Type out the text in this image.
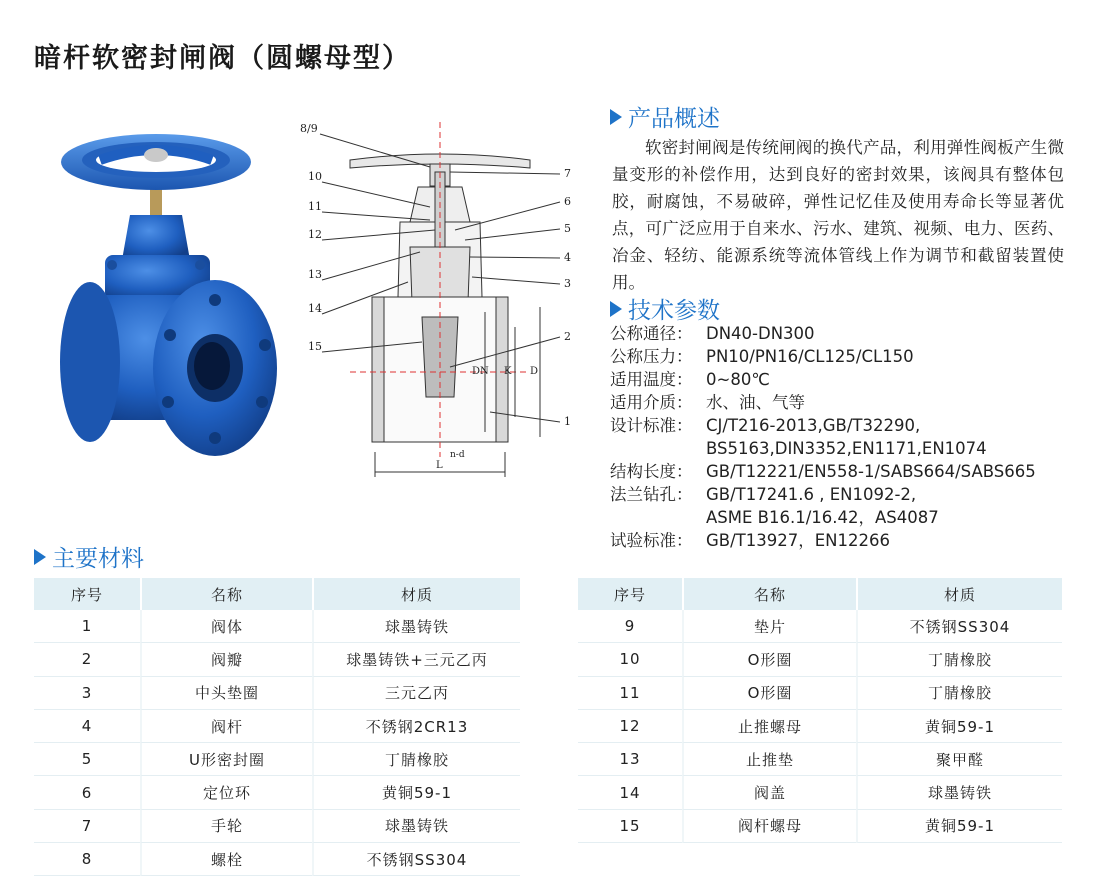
暗杆软密封闸阀（圆螺母型）
8/9
10
11
12
13
14
15
7
6
5
4
3
2
1
DN K D
L
n-d
产品概述
软密封闸阀是传统闸阀的换代产品，利用弹性阀板产生微量变形的补偿作用，达到良好的密封效果，该阀具有整体包胶，耐腐蚀，不易破碎，弹性记忆佳及使用寿命长等显著优点，可广泛应用于自来水、污水、建筑、视频、电力、医药、冶金、轻纺、能源系统等流体管线上作为调节和截留装置使用。
技术参数
公称通径： DN40-DN300
公称压力： PN10/PN16/CL125/CL150
适用温度： 0~80℃
适用介质： 水、油、气等
设计标准： CJ/T216-2013,GB/T32290,
BS5163,DIN3352,EN1171,EN1074
结构长度： GB/T12221/EN558-1/SABS664/SABS665
法兰钻孔： GB/T17241.6 , EN1092-2,
ASME B16.1/16.42，AS4087
试验标准： GB/T13927，EN12266
主要材料
序号	名称	材质
1	阀体	球墨铸铁
2	阀瓣	球墨铸铁+三元乙丙
3	中头垫圈	三元乙丙
4	阀杆	不锈钢2CR13
5	U形密封圈	丁腈橡胶
6	定位环	黄铜59-1
7	手轮	球墨铸铁
8	螺栓	不锈钢SS304
序号	名称	材质
9	垫片	不锈钢SS304
10	O形圈	丁腈橡胶
11	O形圈	丁腈橡胶
12	止推螺母	黄铜59-1
13	止推垫	聚甲醛
14	阀盖	球墨铸铁
15	阀杆螺母	黄铜59-1
